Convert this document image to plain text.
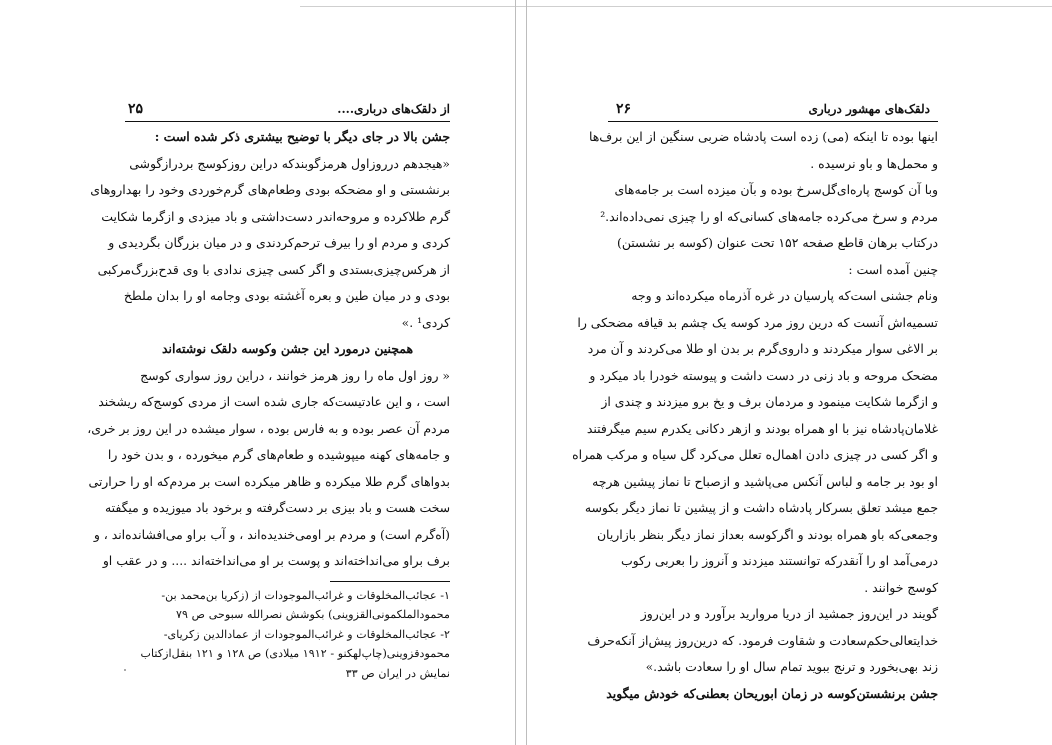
۲۵	از دلقک‌های درباری....
جشن بالا در جای دیگر با توضیح بیشتری ذکر شده است :
«هیجدهم درروزاول هرمزگوبندکه دراین روزکوسج بردرازگوشی
برنشستی و او مضحکه بودی وطعام‌های گرم‌خوردی وخود را بهداروهای
گرم طلاکرده و مروحه‌اندر دست‌داشتی و باد میزدی و ازگرما شکایت
کردی و مردم او را بیرف ترحم‌کردندی و در میان بزرگان بگردیدی و
از هرکس‌چیزی‌بستدی و اگر کسی چیزی ندادی با وی قدح‌بزرگ‌مرکبی
بودی و در میان طین و بعره آغشته بودی وجامه او را بدان ملطخ
کردی¹ .»
همچنین درمورد این جشن وکوسه دلقک نوشته‌اند
« روز اول ماه را روز هرمز خوانند ، دراین روز سواری کوسج
است ، و این عادتیست‌که جاری شده است از مردی کوسج‌که ریشخند
مردم آن عصر بوده و به فارس بوده ، سوار میشده در این روز بر خری،
و جامه‌های کهنه میپوشیده و طعام‌های گرم میخورده ، و بدن خود را
بدواهای گرم طلا میکرده و ظاهر میکرده است بر مردم‌که او را حرارتی
سخت هست و باد بیزی بر دست‌گرفته و برخود باد میوزیده و میگفته
(آه‌گرم است) و مردم بر اومی‌خندیده‌اند ، و آب براو می‌افشانده‌اند ، و
برف براو می‌انداخته‌اند و پوست بر او می‌انداخته‌اند .... و در عقب او
۱- عجائب‌المخلوقات و غرائب‌الموجودات از (زکریا بن‌محمد بن-
محمودالملکمونی‌القزوینی) بکوشش نصرالله سبوحی ص ۷۹
۲- عجائب‌المخلوقات و غرائب‌الموجودات از عمادالدین زکریای-
محمودقزوینی(چاپ‌لهکنو - ۱۹۱۲ میلادی) ص ۱۲۸ و ۱۲۱ بنقل‌ازکتاب
نمایش در ایران ص ۳۳
۲۶	دلقک‌های مهشور درباری
اینها بوده تا اینکه (می) زده است پادشاه ضربی سنگین از این برف‌ها
و محمل‌ها و باو نرسیده .
وبا آن کوسج پاره‌ای‌گل‌سرخ بوده و بآن میزده است بر جامه‌های
مردم و سرخ می‌کرده جامه‌های کسانی‌که او را چیزی نمی‌داده‌اند.²
درکتاب برهان قاطع صفحه ۱۵۲ تحت عنوان (کوسه بر نشستن)
چنین آمده است :
ونام جشنی است‌که پارسیان در غره آذرماه میکرده‌اند و وجه
تسمیه‌اش آنست که درین روز مرد کوسه یک چشم بد قیافه مضحکی را
بر الاغی سوار میکردند و داروی‌گرم بر بدن او طلا می‌کردند و آن مرد
مضحک مروحه و باد زنی در دست داشت و پیوسته خودرا باد میکرد و
و ازگرما شکایت مینمود و مردمان برف و یخ برو میزدند و چندی از
غلامان‌پادشاه نیز با او همراه بودند و ازهر دکانی یکدرم سیم میگرفتند
و اگر کسی در چیزی دادن اهمال‌ه تعلل می‌کرد گل سیاه و مرکب همراه
او بود بر جامه و لباس آنکس می‌پاشید و ازصباح تا نماز پیشین هرچه
جمع میشد تعلق بسرکار پادشاه داشت و از پیشین تا نماز دیگر بکوسه
وجمعی‌که باو همراه بودند و اگرکوسه بعداز نماز دیگر بنظر بازاریان
درمی‌آمد او را آنقدرکه توانستند میزدند و آنروز را بعربی رکوب
کوسج خوانند .
گویند در این‌روز جمشید از دریا مروارید برآورد و در این‌روز
خدایتعالی‌حکم‌سعادت و شقاوت فرمود. که درین‌روز پیش‌از آنکه‌حرف
زند بهی‌بخورد و ترنج ببوید تمام سال او را سعادت باشد.»
جشن برنشستن‌کوسه در زمان ابوریحان بعطنی‌که خودش میگوید
